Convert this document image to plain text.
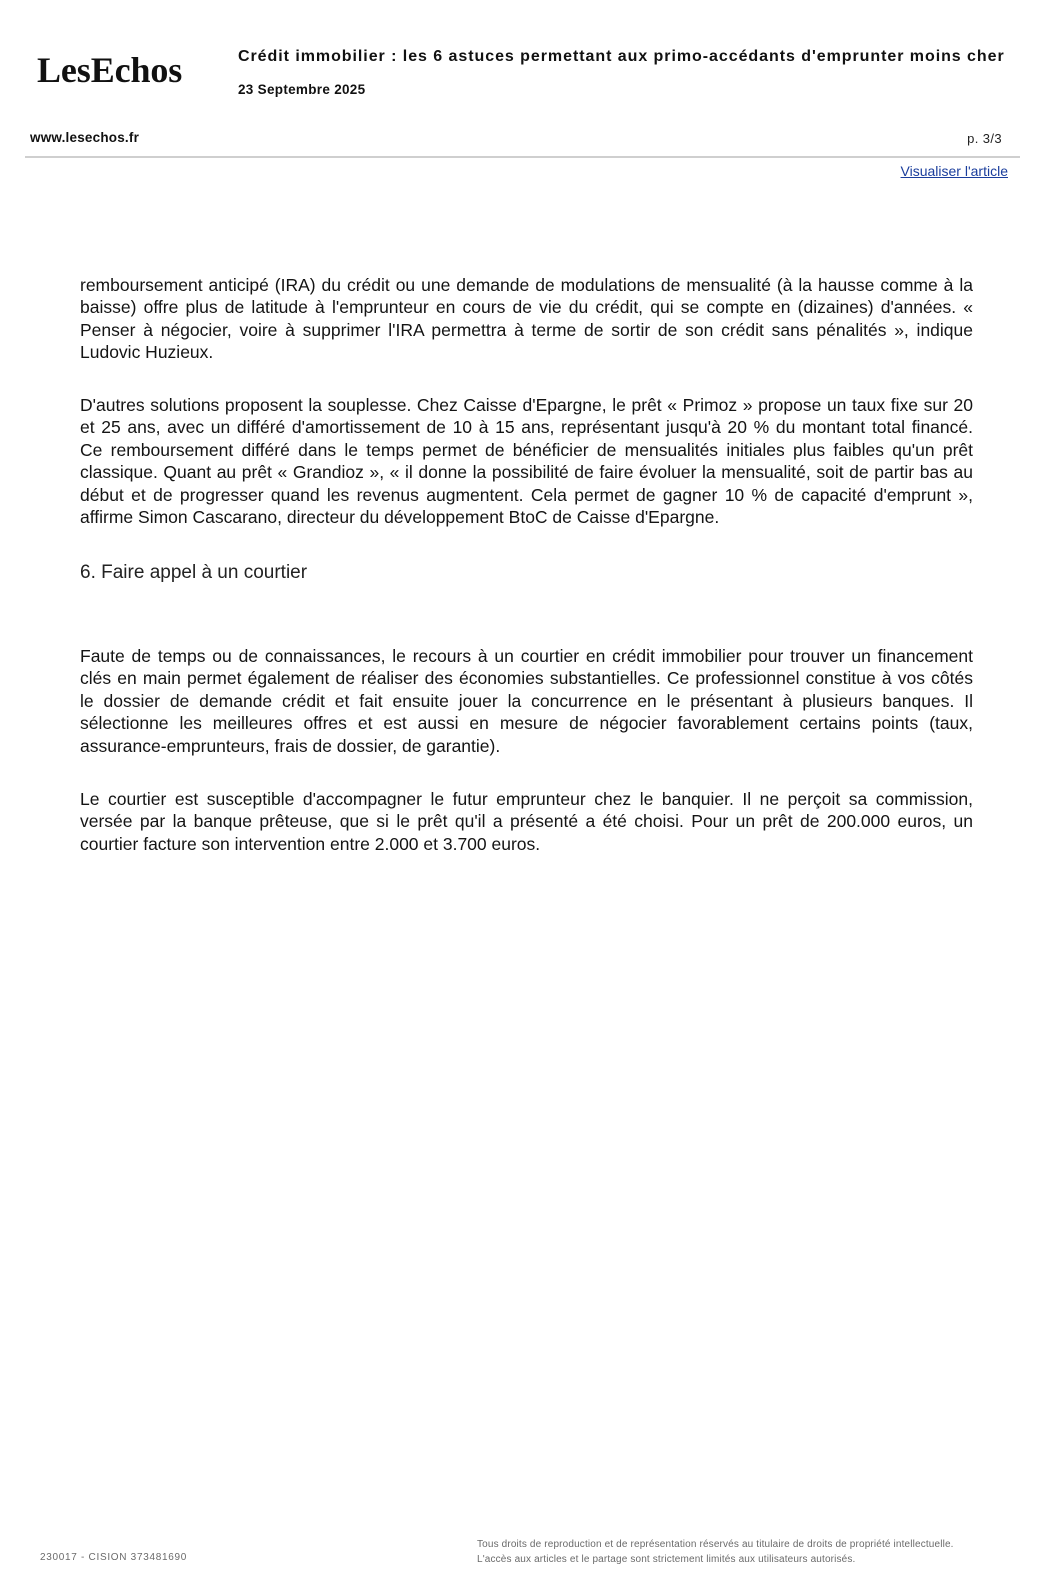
LesEchos	Crédit immobilier : les 6 astuces permettant aux primo-accédants d'emprunter moins cher
23 Septembre 2025
www.lesechos.fr	p. 3/3
Visualiser l'article
remboursement anticipé (IRA) du crédit ou une demande de modulations de mensualité (à la hausse comme à la
baisse) offre plus de latitude à l'emprunteur en cours de vie du crédit, qui se compte en (dizaines) d'années. «
Penser à négocier, voire à supprimer l'IRA permettra à terme de sortir de son crédit sans pénalités », indique
Ludovic Huzieux.
D'autres solutions proposent la souplesse. Chez Caisse d'Epargne, le prêt « Primoz » propose un taux fixe sur 20
et 25 ans, avec un différé d'amortissement de 10 à 15 ans, représentant jusqu'à 20 % du montant total financé.
Ce remboursement différé dans le temps permet de bénéficier de mensualités initiales plus faibles qu'un prêt
classique. Quant au prêt « Grandioz », « il donne la possibilité de faire évoluer la mensualité, soit de partir bas au
début et de progresser quand les revenus augmentent. Cela permet de gagner 10 % de capacité d'emprunt »,
affirme Simon Cascarano, directeur du développement BtoC de Caisse d'Epargne.
6. Faire appel à un courtier
Faute de temps ou de connaissances, le recours à un courtier en crédit immobilier pour trouver un financement
clés en main permet également de réaliser des économies substantielles. Ce professionnel constitue à vos côtés
le dossier de demande crédit et fait ensuite jouer la concurrence en le présentant à plusieurs banques. Il
sélectionne les meilleures offres et est aussi en mesure de négocier favorablement certains points (taux,
assurance-emprunteurs, frais de dossier, de garantie).
Le courtier est susceptible d'accompagner le futur emprunteur chez le banquier. Il ne perçoit sa commission,
versée par la banque prêteuse, que si le prêt qu'il a présenté a été choisi. Pour un prêt de 200.000 euros, un
courtier facture son intervention entre 2.000 et 3.700 euros.
230017 - CISION 373481690
Tous droits de reproduction et de représentation réservés au titulaire de droits de propriété intellectuelle.
L'accès aux articles et le partage sont strictement limités aux utilisateurs autorisés.
